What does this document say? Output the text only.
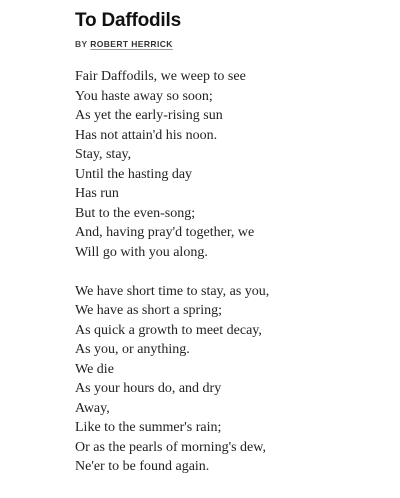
To Daffodils
BY ROBERT HERRICK
Fair Daffodils, we weep to see
You haste away so soon;
As yet the early-rising sun
Has not attain'd his noon.
Stay, stay,
Until the hasting day
Has run
But to the even-song;
And, having pray'd together, we
Will go with you along.
We have short time to stay, as you,
We have as short a spring;
As quick a growth to meet decay,
As you, or anything.
We die
As your hours do, and dry
Away,
Like to the summer's rain;
Or as the pearls of morning's dew,
Ne'er to be found again.
